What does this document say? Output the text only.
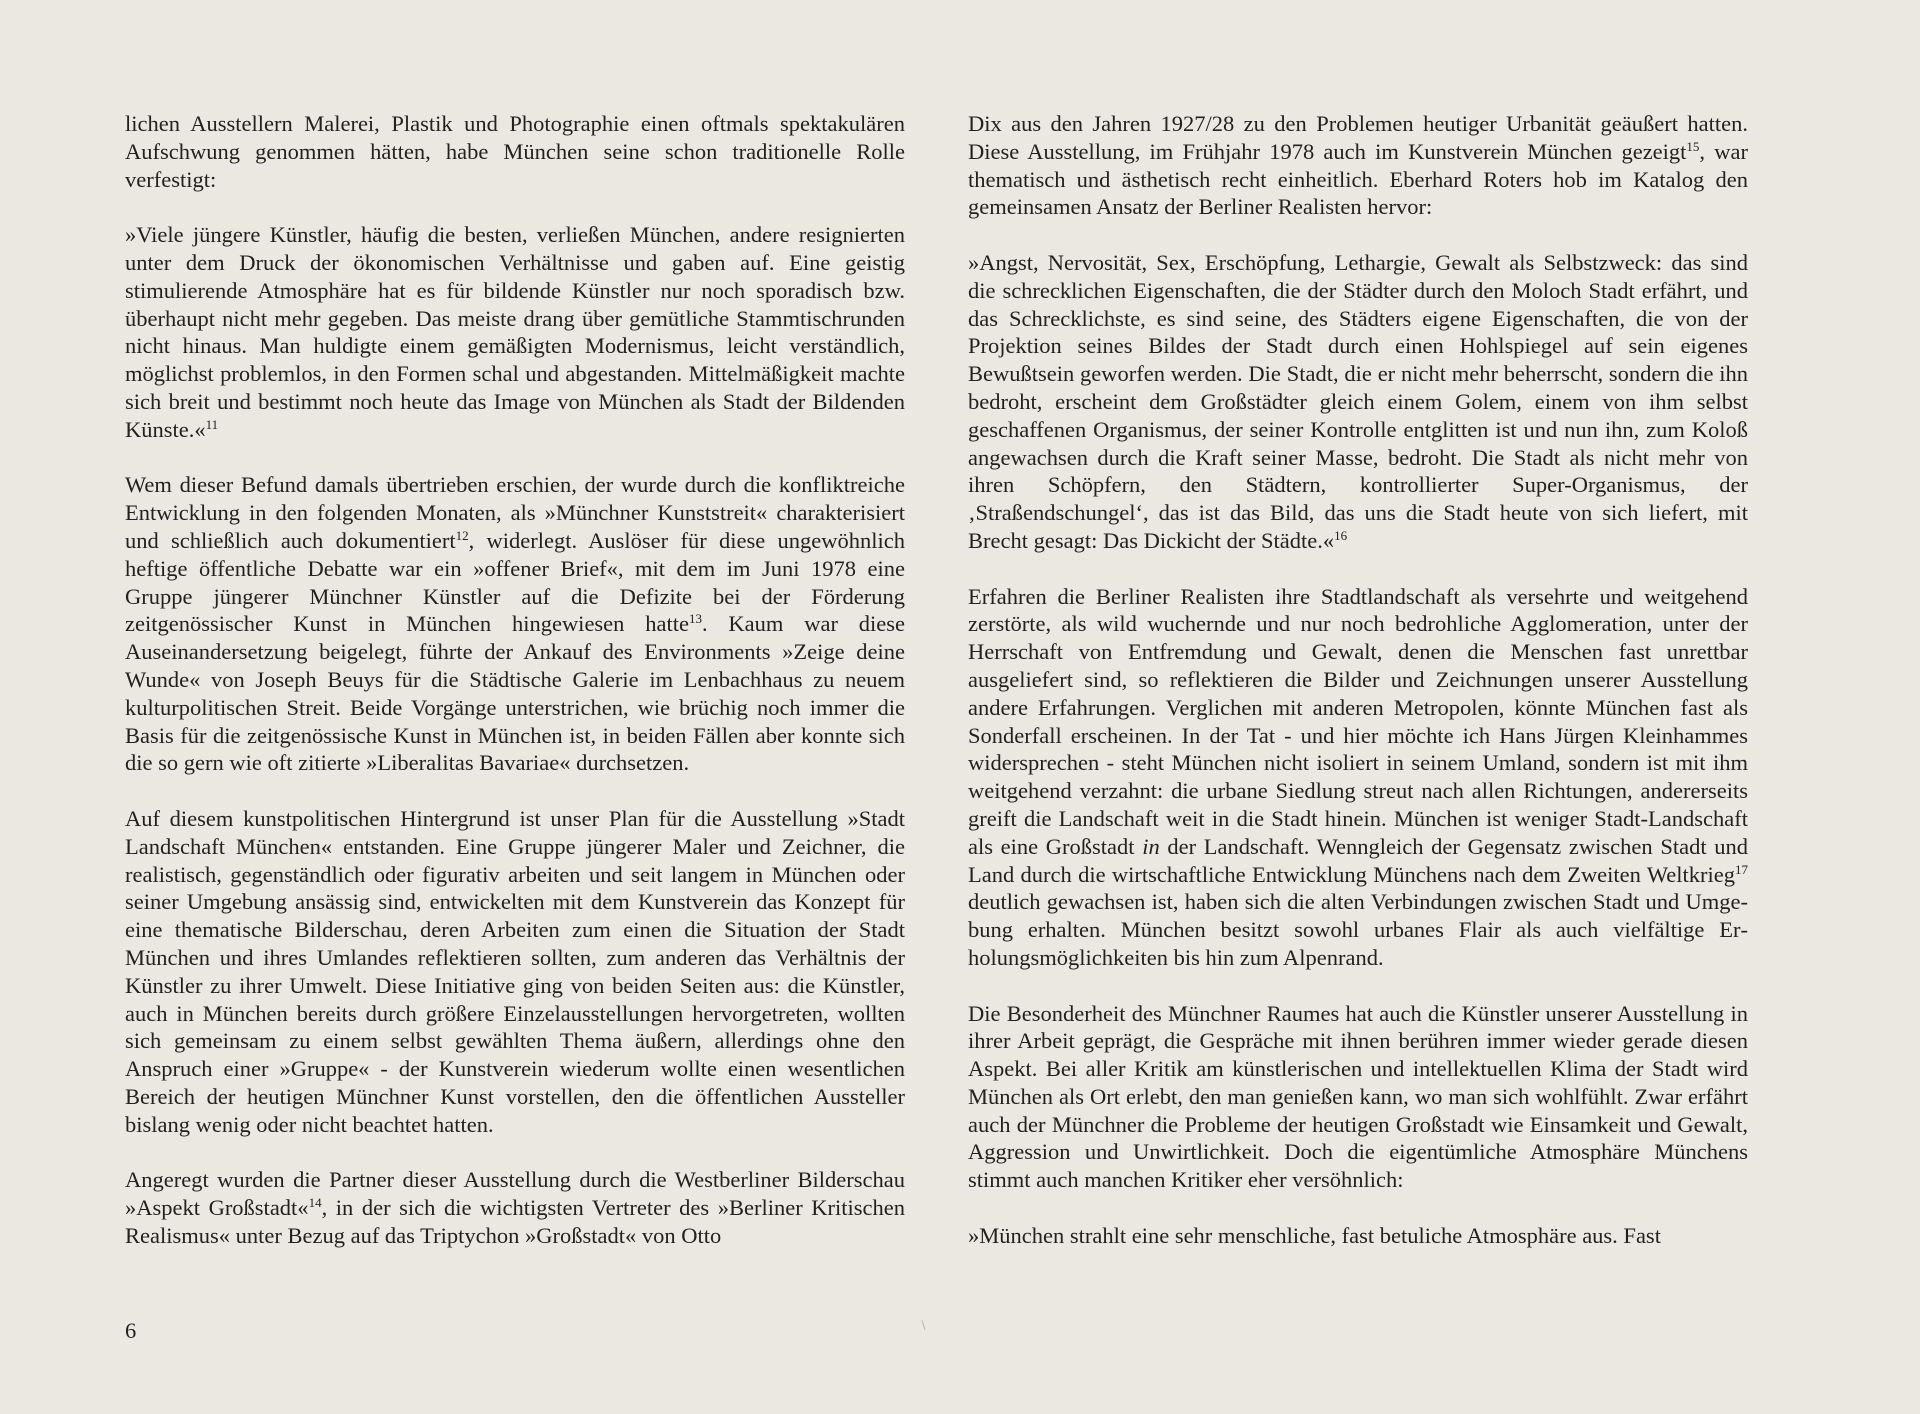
lichen Ausstellern Malerei, Plastik und Photographie einen oftmals spektakulären Aufschwung genommen hätten, habe München seine schon traditionelle Rolle verfestigt:

»Viele jüngere Künstler, häufig die besten, verließen München, andere resignierten unter dem Druck der ökonomischen Verhältnisse und gaben auf. Eine geistig stimulierende Atmosphäre hat es für bildende Künstler nur noch sporadisch bzw. überhaupt nicht mehr gegeben. Das meiste drang über gemütliche Stammtischrunden nicht hinaus. Man huldigte einem gemäßigten Modernismus, leicht verständlich, möglichst problemlos, in den Formen schal und abgestanden. Mittelmäßigkeit machte sich breit und bestimmt noch heute das Image von München als Stadt der Bildenden Künste.«$^{11}$

Wem dieser Befund damals übertrieben erschien, der wurde durch die konfliktreiche Entwicklung in den folgenden Monaten, als »Münchner Kunststreit« charakterisiert und schließlich auch dokumentiert$^{12}$, widerlegt. Auslöser für diese ungewöhnlich heftige öffentliche Debatte war ein »offener Brief«, mit dem im Juni 1978 eine Gruppe jüngerer Münchner Künstler auf die Defizite bei der Förderung zeitgenössischer Kunst in München hingewiesen hatte$^{13}$. Kaum war diese Auseinandersetzung beigelegt, führte der Ankauf des Environments »Zeige deine Wunde« von Joseph Beuys für die Städtische Galerie im Lenbachhaus zu neuem kulturpolitischen Streit. Beide Vorgänge unterstrichen, wie brüchig noch immer die Basis für die zeitgenössische Kunst in München ist, in beiden Fällen aber konnte sich die so gern wie oft zitierte »Liberalitas Bavariae« durchsetzen.

Auf diesem kunstpolitischen Hintergrund ist unser Plan für die Ausstellung »Stadt Landschaft München« entstanden. Eine Gruppe jüngerer Maler und Zeichner, die realistisch, gegenständlich oder figurativ arbeiten und seit langem in München oder seiner Umgebung ansässig sind, entwickelten mit dem Kunstverein das Konzept für eine thematische Bilderschau, deren Arbeiten zum einen die Situation der Stadt München und ihres Umlandes reflektieren sollten, zum anderen das Verhältnis der Künstler zu ihrer Umwelt. Diese Initiative ging von beiden Seiten aus: die Künstler, auch in München bereits durch größere Einzelausstellungen hervorgetreten, wollten sich gemeinsam zu einem selbst gewählten Thema äußern, allerdings ohne den Anspruch einer »Gruppe« - der Kunstverein wiederum wollte einen wesentlichen Bereich der heutigen Münchner Kunst vorstellen, den die öffentlichen Aussteller bislang wenig oder nicht beachtet hatten.

Angeregt wurden die Partner dieser Ausstellung durch die Westberliner Bilderschau »Aspekt Großstadt«$^{14}$, in der sich die wichtigsten Vertreter des »Berliner Kritischen Realismus« unter Bezug auf das Triptychon »Großstadt« von Otto

Dix aus den Jahren 1927/28 zu den Problemen heutiger Urbanität geäußert hatten. Diese Ausstellung, im Frühjahr 1978 auch im Kunstverein München gezeigt$^{15}$, war thematisch und ästhetisch recht einheitlich. Eberhard Roters hob im Katalog den gemeinsamen Ansatz der Berliner Realisten hervor:

»Angst, Nervosität, Sex, Erschöpfung, Lethargie, Gewalt als Selbstzweck: das sind die schrecklichen Eigenschaften, die der Städter durch den Moloch Stadt erfährt, und das Schrecklichste, es sind seine, des Städters eigene Eigenschaften, die von der Projektion seines Bildes der Stadt durch einen Hohlspiegel auf sein eigenes Bewußtsein geworfen werden. Die Stadt, die er nicht mehr beherrscht, sondern die ihn bedroht, erscheint dem Großstädter gleich einem Golem, einem von ihm selbst geschaffenen Organismus, der seiner Kontrolle entglitten ist und nun ihn, zum Koloß angewachsen durch die Kraft seiner Masse, bedroht. Die Stadt als nicht mehr von ihren Schöpfern, den Städtern, kontrollierter Super-Organismus, der ‚Straßendschungel‘, das ist das Bild, das uns die Stadt heute von sich liefert, mit Brecht gesagt: Das Dickicht der Städte.«$^{16}$

Erfahren die Berliner Realisten ihre Stadtlandschaft als versehrte und weitgehend zerstörte, als wild wuchernde und nur noch bedrohliche Agglomeration, unter der Herrschaft von Entfremdung und Gewalt, denen die Menschen fast unrettbar ausgeliefert sind, so reflektieren die Bilder und Zeichnungen unserer Ausstellung andere Erfahrungen. Verglichen mit anderen Metropolen, könnte München fast als Sonderfall erscheinen. In der Tat - und hier möchte ich Hans Jürgen Kleinhammes widersprechen - steht München nicht isoliert in seinem Umland, sondern ist mit ihm weitgehend verzahnt: die urbane Siedlung streut nach allen Richtungen, andererseits greift die Landschaft weit in die Stadt hinein. München ist weniger Stadt-Landschaft als eine Großstadt in der Landschaft. Wenngleich der Gegensatz zwischen Stadt und Land durch die wirtschaftliche Entwicklung Münchens nach dem Zweiten Weltkrieg$^{17}$ deutlich gewachsen ist, haben sich die alten Verbindungen zwischen Stadt und Umgebung erhalten. München besitzt sowohl urbanes Flair als auch vielfältige Erholungsmöglichkeiten bis hin zum Alpenrand.

Die Besonderheit des Münchner Raumes hat auch die Künstler unserer Ausstellung in ihrer Arbeit geprägt, die Gespräche mit ihnen berühren immer wieder gerade diesen Aspekt. Bei aller Kritik am künstlerischen und intellektuellen Klima der Stadt wird München als Ort erlebt, den man genießen kann, wo man sich wohlfühlt. Zwar erfährt auch der Münchner die Probleme der heutigen Großstadt wie Einsamkeit und Gewalt, Aggression und Unwirtlichkeit. Doch die eigentümliche Atmosphäre Münchens stimmt auch manchen Kritiker eher versöhnlich:

»München strahlt eine sehr menschliche, fast betuliche Atmosphäre aus. Fast

6
